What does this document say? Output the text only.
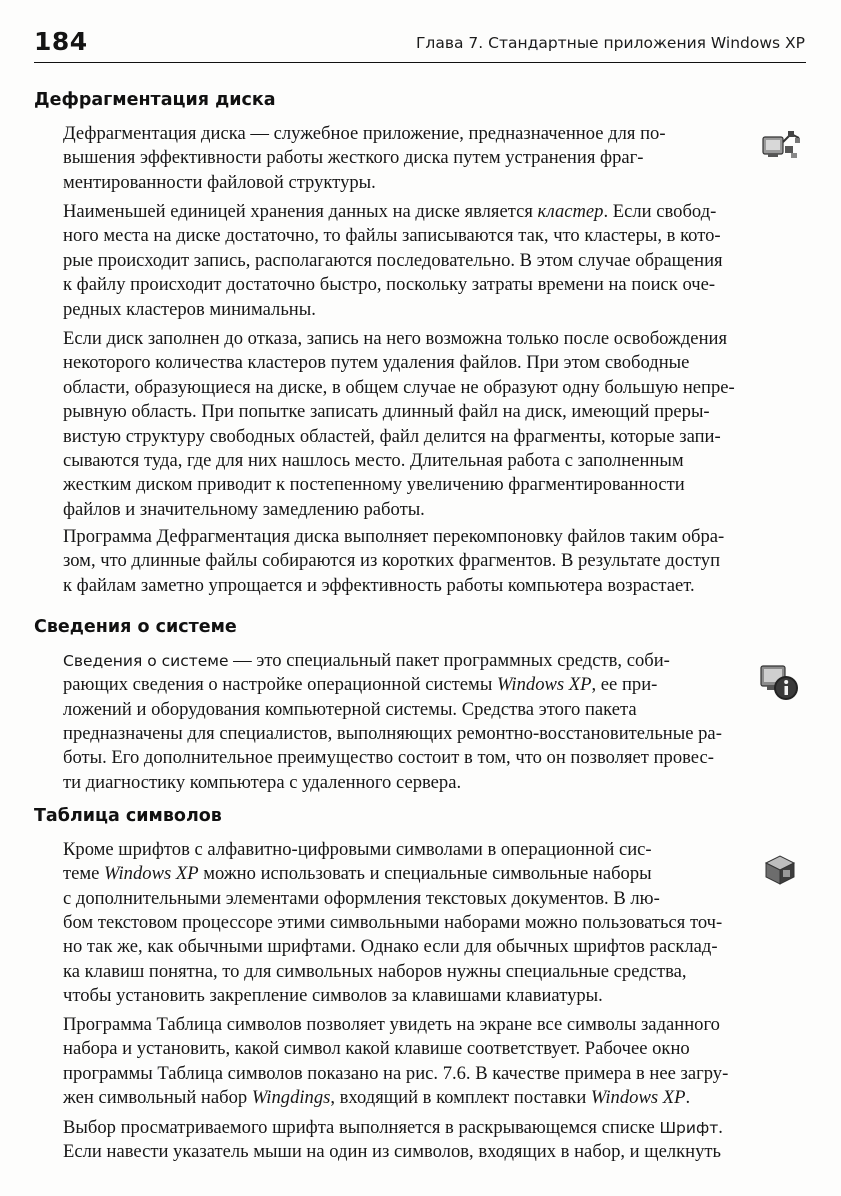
184	Глава 7. Стандартные приложения Windows XP
Дефрагментация диска

Дефрагментация диска — служебное приложение, предназначенное для по-
вышения эффективности работы жесткого диска путем устранения фраг-
ментированности файловой структуры.

Наименьшей единицей хранения данных на диске является кластер. Если свобод-
ного места на диске достаточно, то файлы записываются так, что кластеры, в кото-
рые происходит запись, располагаются последовательно. В этом случае обращения
к файлу происходит достаточно быстро, поскольку затраты времени на поиск оче-
редных кластеров минимальны.

Если диск заполнен до отказа, запись на него возможна только после освобождения
некоторого количества кластеров путем удаления файлов. При этом свободные
области, образующиеся на диске, в общем случае не образуют одну большую непре-
рывную область. При попытке записать длинный файл на диск, имеющий преры-
вистую структуру свободных областей, файл делится на фрагменты, которые запи-
сываются туда, где для них нашлось место. Длительная работа с заполненным
жестким диском приводит к постепенному увеличению фрагментированности
файлов и значительному замедлению работы.

Программа Дефрагментация диска выполняет перекомпоновку файлов таким обра-
зом, что длинные файлы собираются из коротких фрагментов. В результате доступ
к файлам заметно упрощается и эффективность работы компьютера возрастает.

Сведения о системе

Сведения о системе — это специальный пакет программных средств, соби-
рающих сведения о настройке операционной системы Windows XP, ее при-
ложений и оборудования компьютерной системы. Средства этого пакета

предназначены для специалистов, выполняющих ремонтно-восстановительные ра-
боты. Его дополнительное преимущество состоит в том, что он позволяет провес-
ти диагностику компьютера с удаленного сервера.

Таблица символов

Кроме шрифтов с алфавитно-цифровыми символами в операционной сис-
теме Windows XP можно использовать и специальные символьные наборы
с дополнительными элементами оформления текстовых документов. В лю-

бом текстовом процессоре этими символьными наборами можно пользоваться точ-
но так же, как обычными шрифтами. Однако если для обычных шрифтов расклад-
ка клавиш понятна, то для символьных наборов нужны специальные средства,
чтобы установить закрепление символов за клавишами клавиатуры.

Программа Таблица символов позволяет увидеть на экране все символы заданного
набора и установить, какой символ какой клавише соответствует. Рабочее окно
программы Таблица символов показано на рис. 7.6. В качестве примера в нее загру-
жен символьный набор Wingdings, входящий в комплект поставки Windows XP.

Выбор просматриваемого шрифта выполняется в раскрывающемся списке Шрифт.
Если навести указатель мыши на один из символов, входящих в набор, и щелкнуть
